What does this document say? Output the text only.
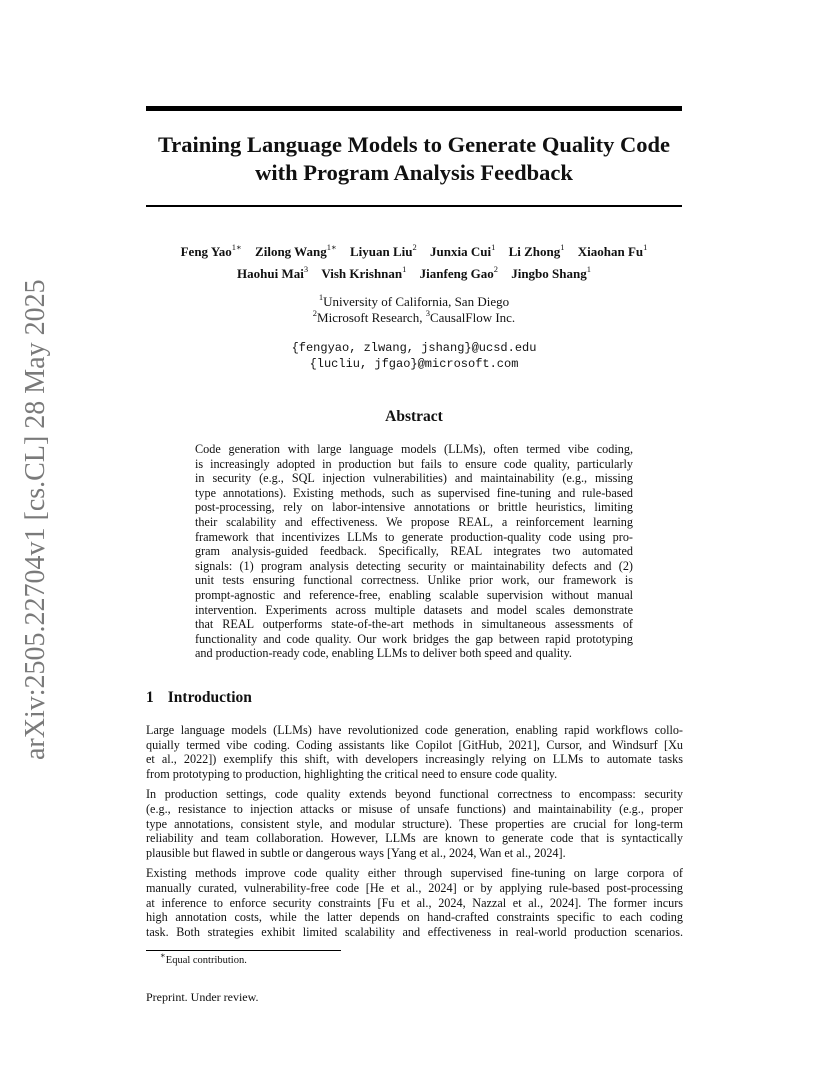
arXiv:2505.22704v1 [cs.CL] 28 May 2025
Training Language Models to Generate Quality Code
with Program Analysis Feedback
Feng Yao$^{1∗}$ Zilong Wang$^{1∗}$ Liyuan Liu$^2$ Junxia Cui$^1$ Li Zhong$^1$ Xiaohan Fu$^1$
Haohui Mai$^3$ Vish Krishnan$^1$ Jianfeng Gao$^2$ Jingbo Shang$^1$
$^1$University of California, San Diego
$^2$Microsoft Research, $^3$CausalFlow Inc.
{fengyao, zlwang, jshang}@ucsd.edu
{lucliu, jfgao}@microsoft.com
Abstract
Code generation with large language models (LLMs), often termed vibe coding,
is increasingly adopted in production but fails to ensure code quality, particularly
in security (e.g., SQL injection vulnerabilities) and maintainability (e.g., missing
type annotations). Existing methods, such as supervised fine-tuning and rule-based
post-processing, rely on labor-intensive annotations or brittle heuristics, limiting
their scalability and effectiveness. We propose REAL, a reinforcement learning
framework that incentivizes LLMs to generate production-quality code using pro-
gram analysis-guided feedback. Specifically, REAL integrates two automated
signals: (1) program analysis detecting security or maintainability defects and (2)
unit tests ensuring functional correctness. Unlike prior work, our framework is
prompt-agnostic and reference-free, enabling scalable supervision without manual
intervention. Experiments across multiple datasets and model scales demonstrate
that REAL outperforms state-of-the-art methods in simultaneous assessments of
functionality and code quality. Our work bridges the gap between rapid prototyping
and production-ready code, enabling LLMs to deliver both speed and quality.
1 Introduction
Large language models (LLMs) have revolutionized code generation, enabling rapid workflows collo-
quially termed vibe coding. Coding assistants like Copilot [GitHub, 2021], Cursor, and Windsurf [Xu
et al., 2022]) exemplify this shift, with developers increasingly relying on LLMs to automate tasks
from prototyping to production, highlighting the critical need to ensure code quality.
In production settings, code quality extends beyond functional correctness to encompass: security
(e.g., resistance to injection attacks or misuse of unsafe functions) and maintainability (e.g., proper
type annotations, consistent style, and modular structure). These properties are crucial for long-term
reliability and team collaboration. However, LLMs are known to generate code that is syntactically
plausible but flawed in subtle or dangerous ways [Yang et al., 2024, Wan et al., 2024].
Existing methods improve code quality either through supervised fine-tuning on large corpora of
manually curated, vulnerability-free code [He et al., 2024] or by applying rule-based post-processing
at inference to enforce security constraints [Fu et al., 2024, Nazzal et al., 2024]. The former incurs
high annotation costs, while the latter depends on hand-crafted constraints specific to each coding
task. Both strategies exhibit limited scalability and effectiveness in real-world production scenarios.
∗Equal contribution.
Preprint. Under review.
